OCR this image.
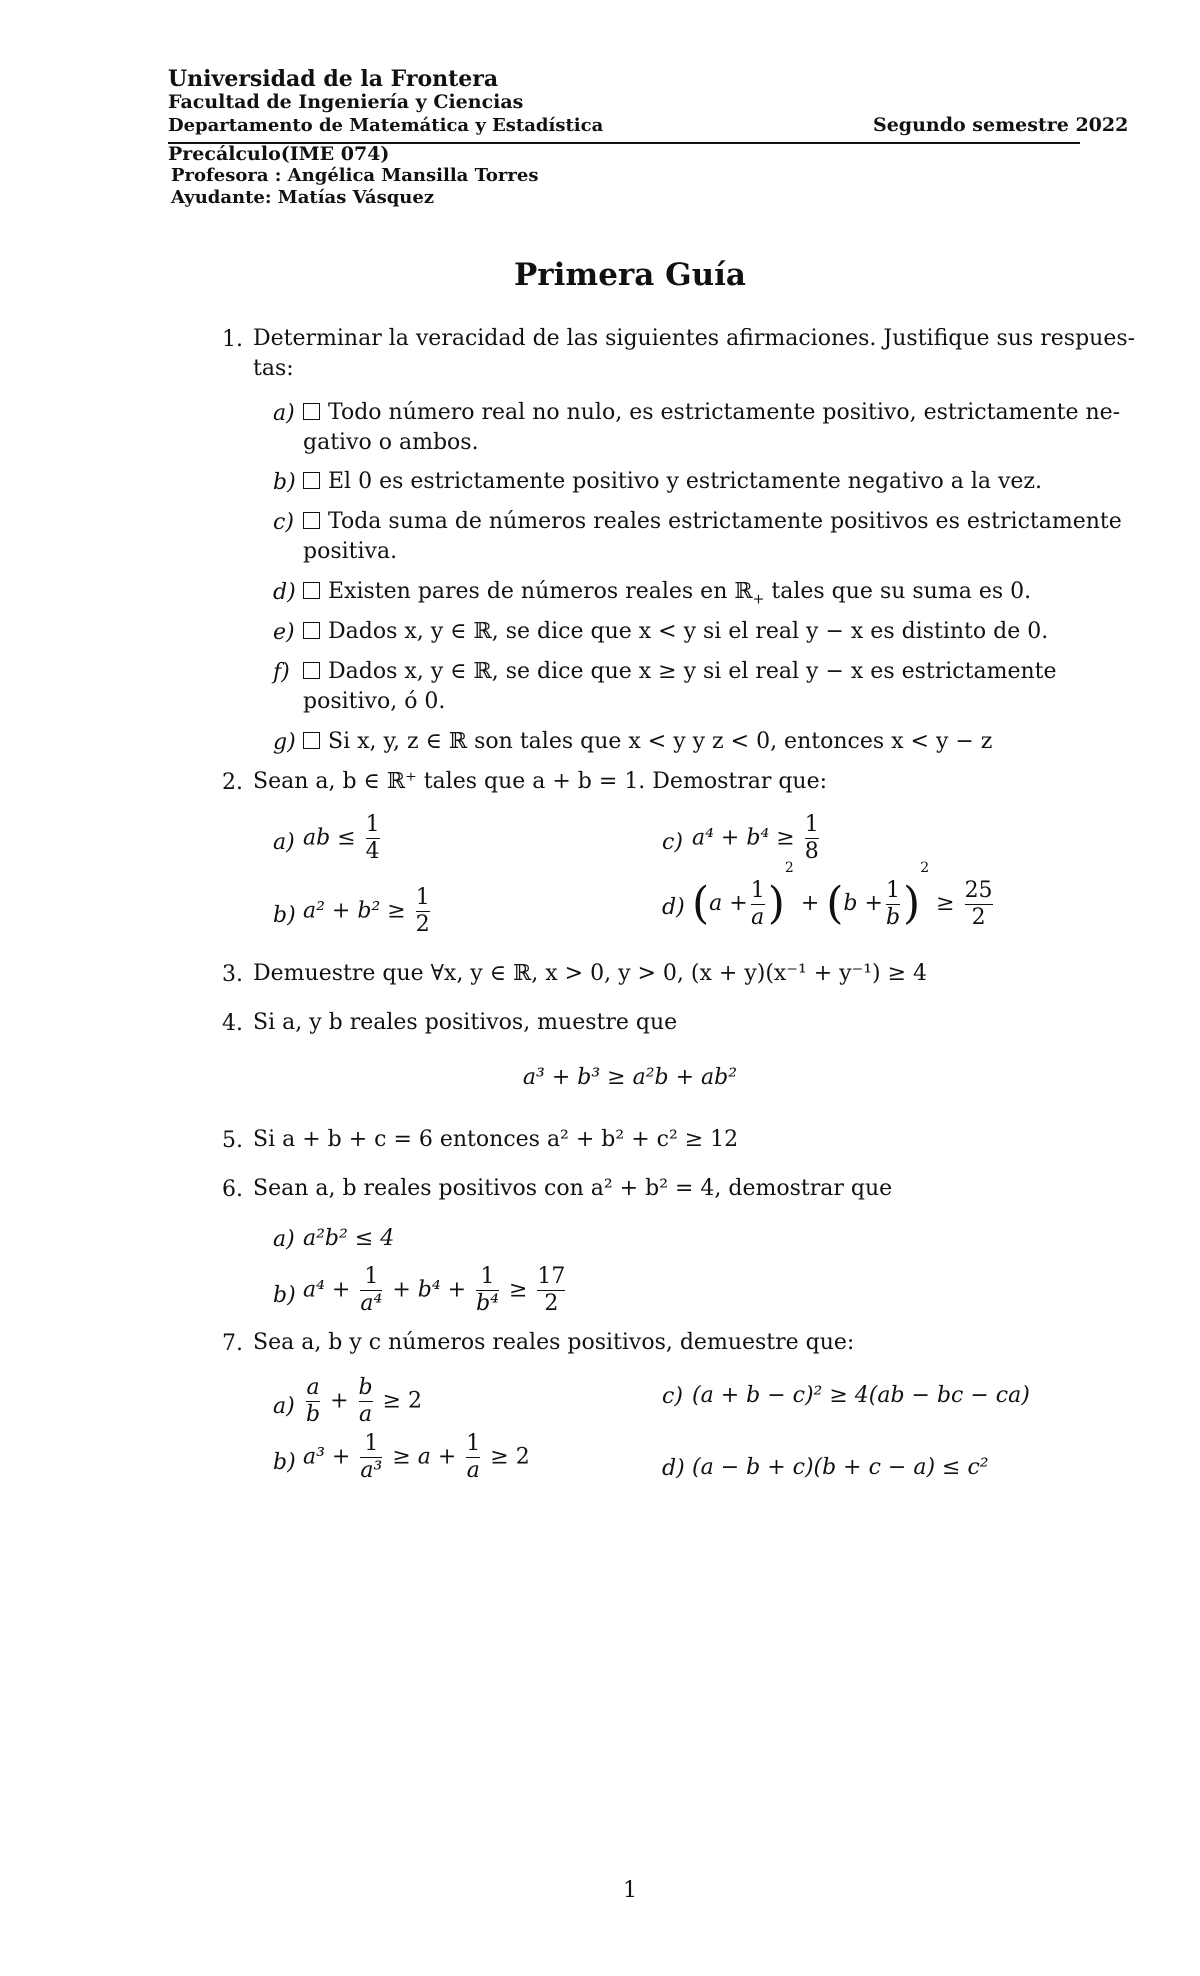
Universidad de la Frontera
Facultad de Ingeniería y Ciencias
Departamento de Matemática y Estadística	Segundo semestre 2022
Precálculo(IME 074)
Profesora : Angélica Mansilla Torres
Ayudante: Matías Vásquez
Primera Guía
1. Determinar la veracidad de las siguientes afirmaciones. Justifique sus respues-
tas:
a)	Todo número real no nulo, es estrictamente positivo, estrictamente ne-
gativo o ambos.
b)	El 0 es estrictamente positivo y estrictamente negativo a la vez.
c)	Toda suma de números reales estrictamente positivos es estrictamente
positiva.
d)	Existen pares de números reales en ℝ$_+$ tales que su suma es 0.
e)	Dados x, y ∈ ℝ, se dice que x < y si el real y − x es distinto de 0.
f)	Dados x, y ∈ ℝ, se dice que x ≥ y si el real y − x es estrictamente
positivo, ó 0.
g)	Si x, y, z ∈ ℝ son tales que x < y y z < 0, entonces x < y − z
2. Sean a, b ∈ ℝ⁺ tales que a + b = 1. Demostrar que:
a) ab ≤ $\frac{1}{4}$
b) $a^2 + b^2 \ge \frac{1}{2}$
c) $a^4 + b^4 \ge \frac{1}{8}$
d) $(a + \frac{1}{a} )^2 + (b + \frac{1}{b} )^2 \ge \frac{25}{2}$
3. Demuestre que ∀x, y ∈ ℝ, x > 0, y > 0, (x + y)(x⁻¹ + y⁻¹) ≥ 4
4. Si a, y b reales positivos, muestre que
a³ + b³ ≥ a²b + ab²
5. Si a + b + c = 6 entonces a² + b² + c² ≥ 12
6. Sean a, b reales positivos con a² + b² = 4, demostrar que
a) a²b² ≤ 4
b) $a^4 + \frac{1}{\text{a⁴}} + b^4 + \frac{1}{\text{b⁴}} \ge \frac{17}{2}$
7. Sea a, b y c números reales positivos, demuestre que:
$a) \frac{a}{b} + \frac{b}{a} \ge 2$
b) $a^3 + \frac{1}{\text{a³}} \ge a + \frac{1}{a} \ge 2$
c) (a + b − c)² ≥ 4(ab − bc − ca)
d) (a − b + c)(b + c − a) ≤ c²
1
